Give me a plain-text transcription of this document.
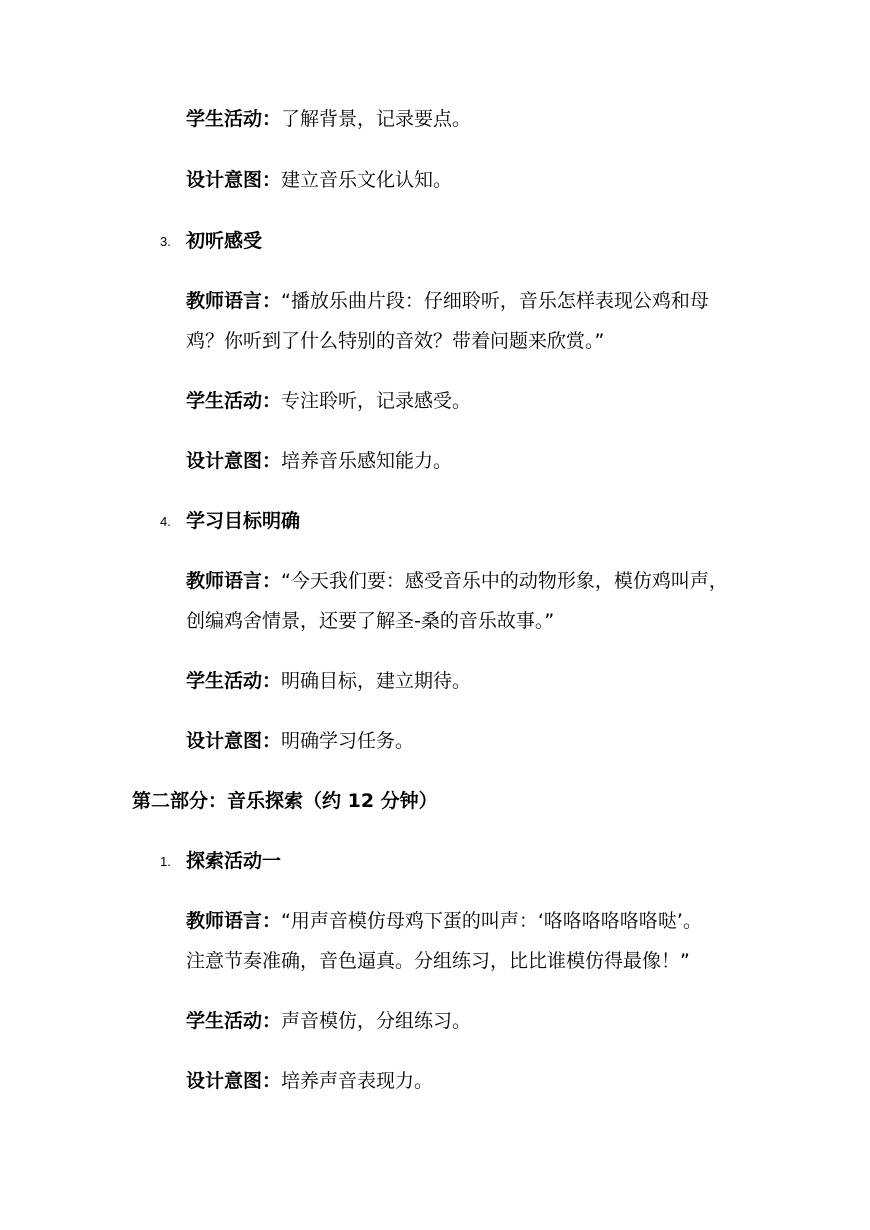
学生活动：了解背景，记录要点。
设计意图：建立音乐文化认知。
3. 初听感受
教师语言：“播放乐曲片段：仔细聆听，音乐怎样表现公鸡和母
鸡？你听到了什么特别的音效？带着问题来欣赏。”
学生活动：专注聆听，记录感受。
设计意图：培养音乐感知能力。
4. 学习目标明确
教师语言：“今天我们要：感受音乐中的动物形象，模仿鸡叫声，
创编鸡舍情景，还要了解圣-桑的音乐故事。”
学生活动：明确目标，建立期待。
设计意图：明确学习任务。
第二部分：音乐探索（约 12 分钟）
1. 探索活动一
教师语言：“用声音模仿母鸡下蛋的叫声：‘咯咯咯咯咯咯哒’。
注意节奏准确，音色逼真。分组练习，比比谁模仿得最像！”
学生活动：声音模仿，分组练习。
设计意图：培养声音表现力。
